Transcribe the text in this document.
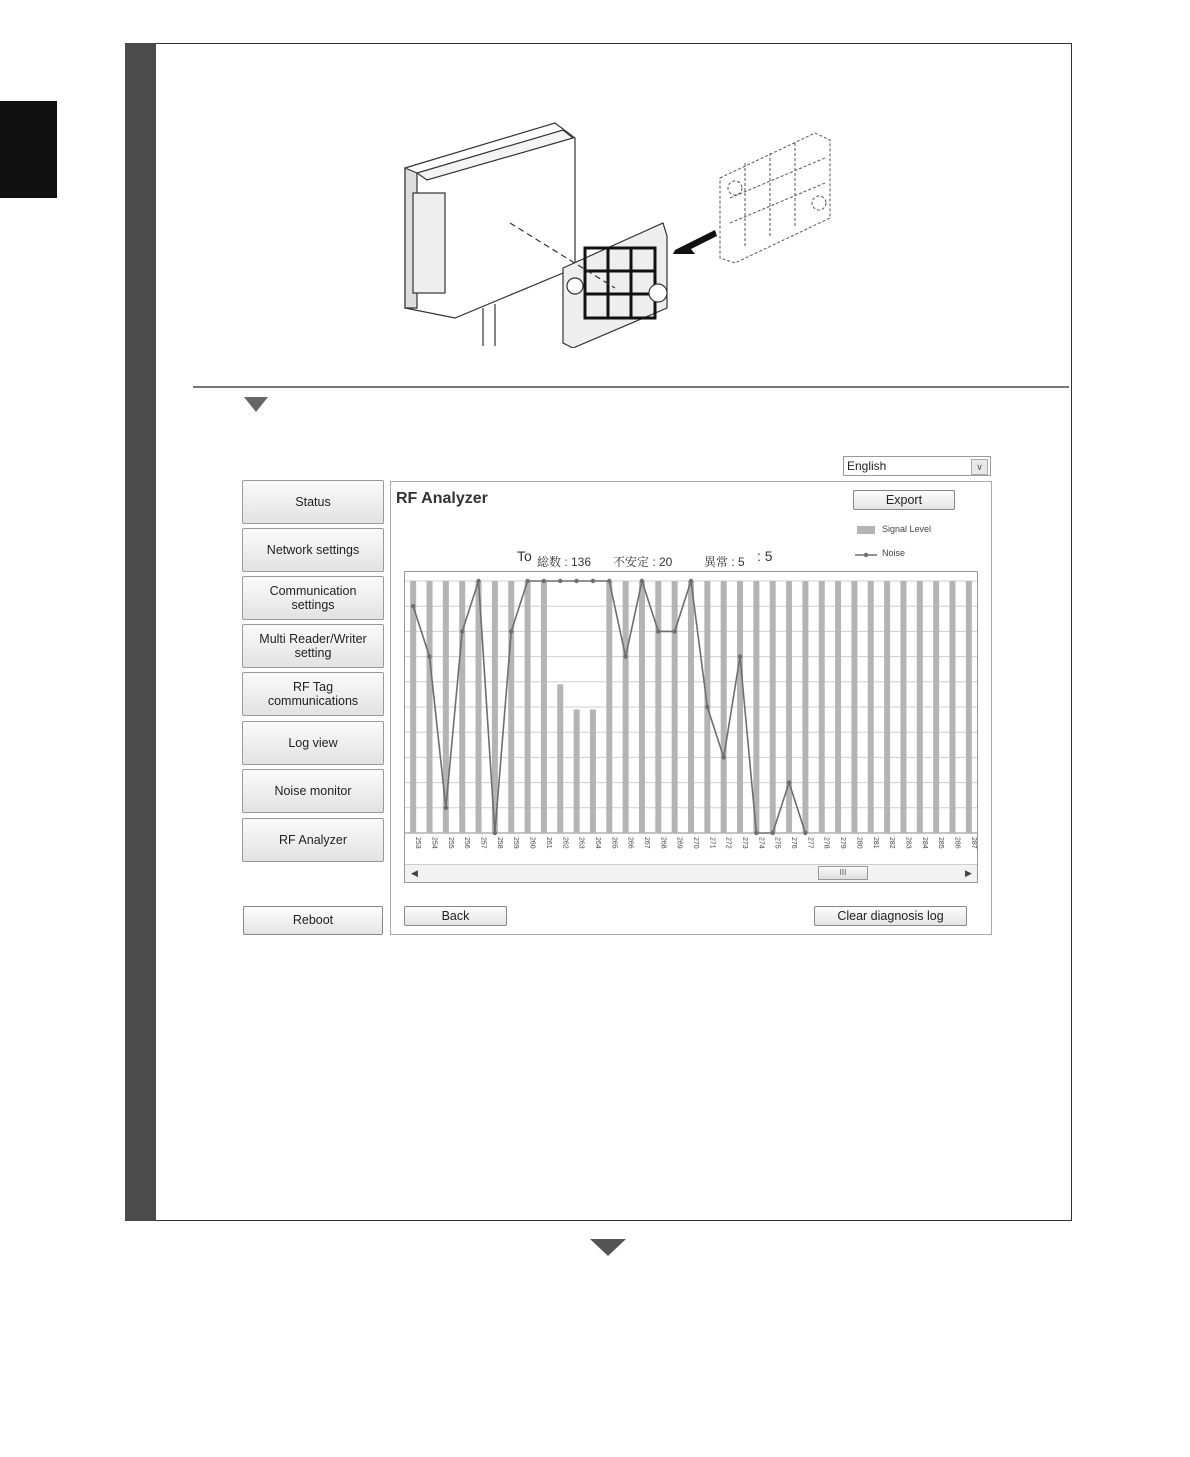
English	∨
Status
Network settings
Communication
settings
Multi Reader/Writer
setting
RF Tag
communications
Log view
Noise monitor
RF Analyzer
Reboot
RF Analyzer	Export
Signal Level
Noise
To 総数 : 136 不安定 : 20	異常 : 5 : 5
253 254 255 256 257 258 259 260 261 262 263 264 265 266 267 268 269 270 271 272 273 274 275 276 277 278 279 280 281 282 283 284 285 286 287
◀	▶
III
Back	Clear diagnosis log
